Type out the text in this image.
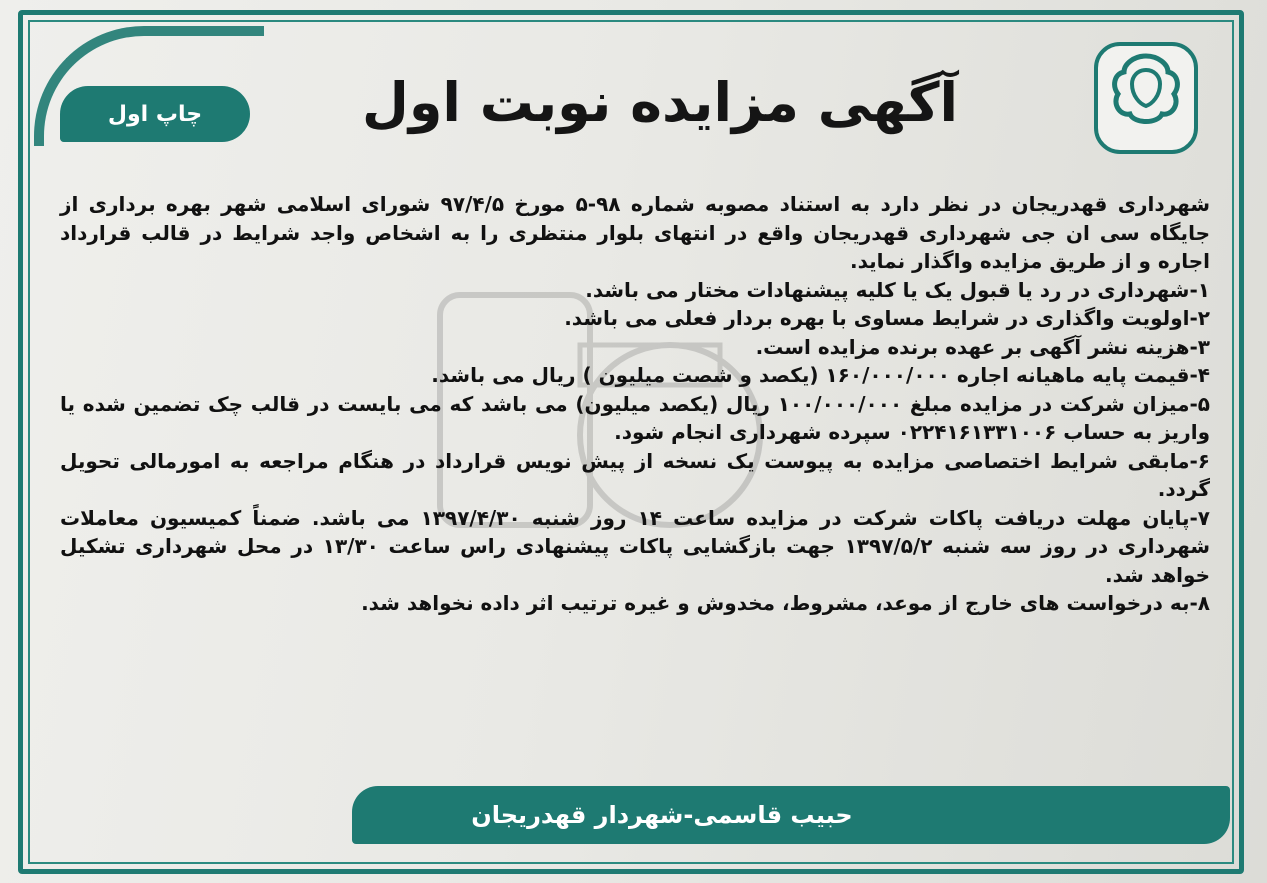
چاپ اول	آگهی مزایده نوبت اول

شهرداری قهدریجان در نظر دارد به استناد مصوبه شماره ۹۸-۵ مورخ ۹۷/۴/۵ شورای اسلامی شهر بهره برداری از جایگاه سی ان جی شهرداری قهدریجان واقع در انتهای بلوار منتظری را به اشخاص واجد شرایط در قالب قرارداد اجاره و از طریق مزایده واگذار نماید.

۱-شهرداری در رد یا قبول یک یا کلیه پیشنهادات مختار می باشد.

۲-اولویت واگذاری در شرایط مساوی با بهره بردار فعلی می باشد.

۳-هزینه نشر آگهی بر عهده برنده مزایده است.

۴-قیمت پایه ماهیانه اجاره ۱۶۰/۰۰۰/۰۰۰ (یکصد و شصت میلیون ) ریال می باشد.

۵-میزان شرکت در مزایده مبلغ ۱۰۰/۰۰۰/۰۰۰ ریال (یکصد میلیون) می باشد که می بایست در قالب چک تضمین شده یا واریز به حساب ۰۲۲۴۱۶۱۳۳۱۰۰۶ سپرده شهرداری انجام شود.

۶-مابقی شرایط اختصاصی مزایده به پیوست یک نسخه از پیش نویس قرارداد در هنگام مراجعه به امورمالی تحویل گردد.

۷-پایان مهلت دریافت پاکات شرکت در مزایده ساعت ۱۴ روز شنبه ۱۳۹۷/۴/۳۰ می باشد. ضمناً کمیسیون معاملات شهرداری در روز سه شنبه ۱۳۹۷/۵/۲ جهت بازگشایی پاکات پیشنهادی راس ساعت ۱۳/۳۰ در محل شهرداری تشکیل خواهد شد.

۸-به درخواست های خارج از موعد، مشروط، مخدوش و غیره ترتیب اثر داده نخواهد شد.

حبیب قاسمی-شهردار قهدریجان
